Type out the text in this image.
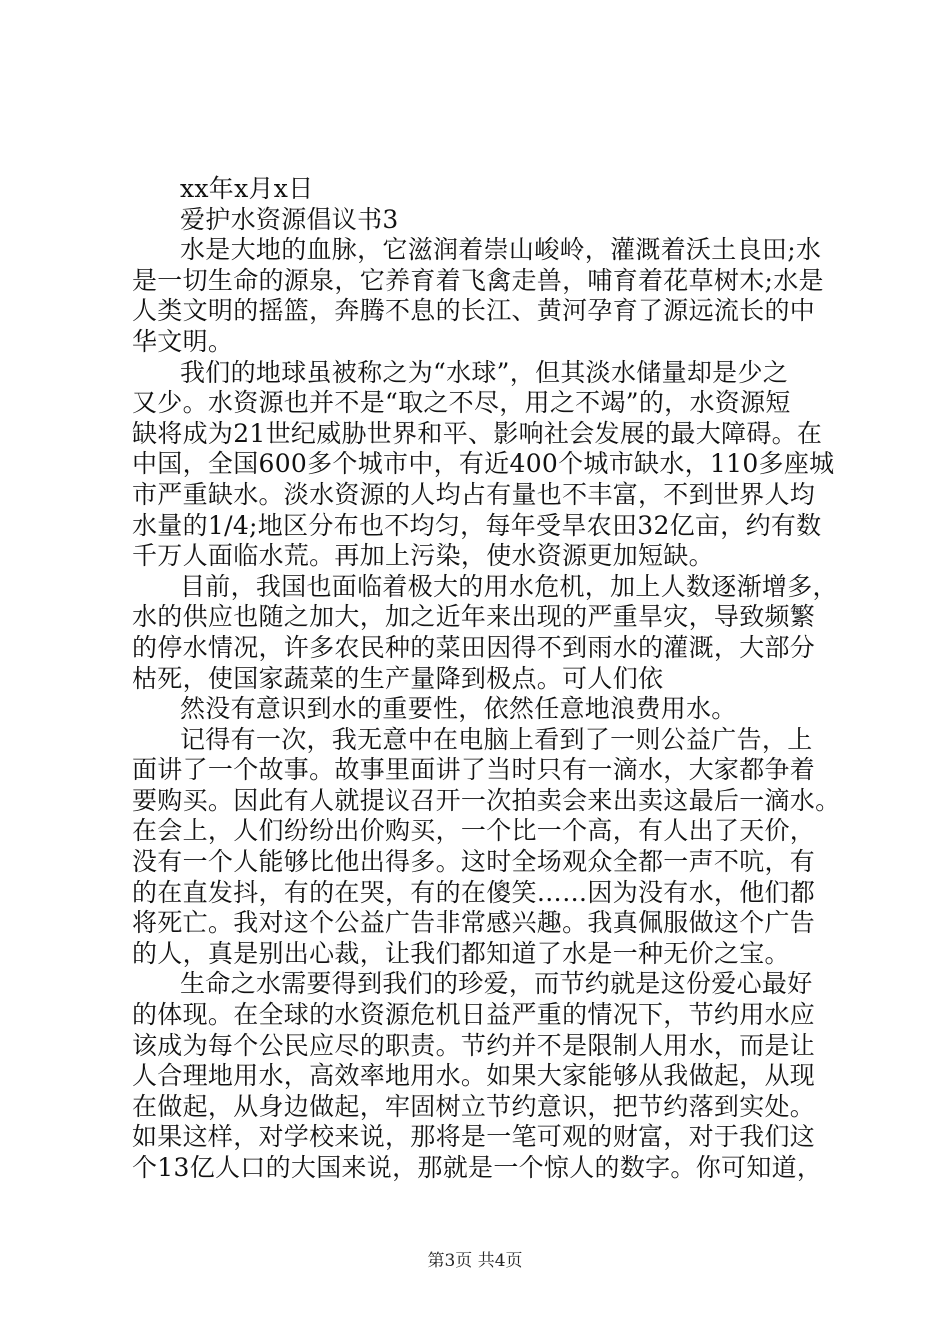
xx年x月x日

爱护水资源倡议书3

水是大地的血脉，它滋润着崇山峻岭，灌溉着沃土良田;水

是一切生命的源泉，它养育着飞禽走兽，哺育着花草树木;水是

人类文明的摇篮，奔腾不息的长江、黄河孕育了源远流长的中

华文明。

我们的地球虽被称之为“水球”，但其淡水储量却是少之

又少。水资源也并不是“取之不尽，用之不竭”的，水资源短

缺将成为21世纪威胁世界和平、影响社会发展的最大障碍。在

中国，全国600多个城市中，有近400个城市缺水，110多座城

市严重缺水。淡水资源的人均占有量也不丰富，不到世界人均

水量的1/4;地区分布也不均匀，每年受旱农田32亿亩，约有数

千万人面临水荒。再加上污染，使水资源更加短缺。

目前，我国也面临着极大的用水危机，加上人数逐渐增多，

水的供应也随之加大，加之近年来出现的严重旱灾，导致频繁

的停水情况，许多农民种的菜田因得不到雨水的灌溉，大部分

枯死，使国家蔬菜的生产量降到极点。可人们依

然没有意识到水的重要性，依然任意地浪费用水。

记得有一次，我无意中在电脑上看到了一则公益广告，上

面讲了一个故事。故事里面讲了当时只有一滴水，大家都争着

要购买。因此有人就提议召开一次拍卖会来出卖这最后一滴水。

在会上，人们纷纷出价购买，一个比一个高，有人出了天价，

没有一个人能够比他出得多。这时全场观众全都一声不吭，有

的在直发抖，有的在哭，有的在傻笑……因为没有水，他们都

将死亡。我对这个公益广告非常感兴趣。我真佩服做这个广告

的人，真是别出心裁，让我们都知道了水是一种无价之宝。

生命之水需要得到我们的珍爱，而节约就是这份爱心最好

的体现。在全球的水资源危机日益严重的情况下，节约用水应

该成为每个公民应尽的职责。节约并不是限制人用水，而是让

人合理地用水，高效率地用水。如果大家能够从我做起，从现

在做起，从身边做起，牢固树立节约意识，把节约落到实处。

如果这样，对学校来说，那将是一笔可观的财富，对于我们这

个13亿人口的大国来说，那就是一个惊人的数字。你可知道，

第3页 共4页
